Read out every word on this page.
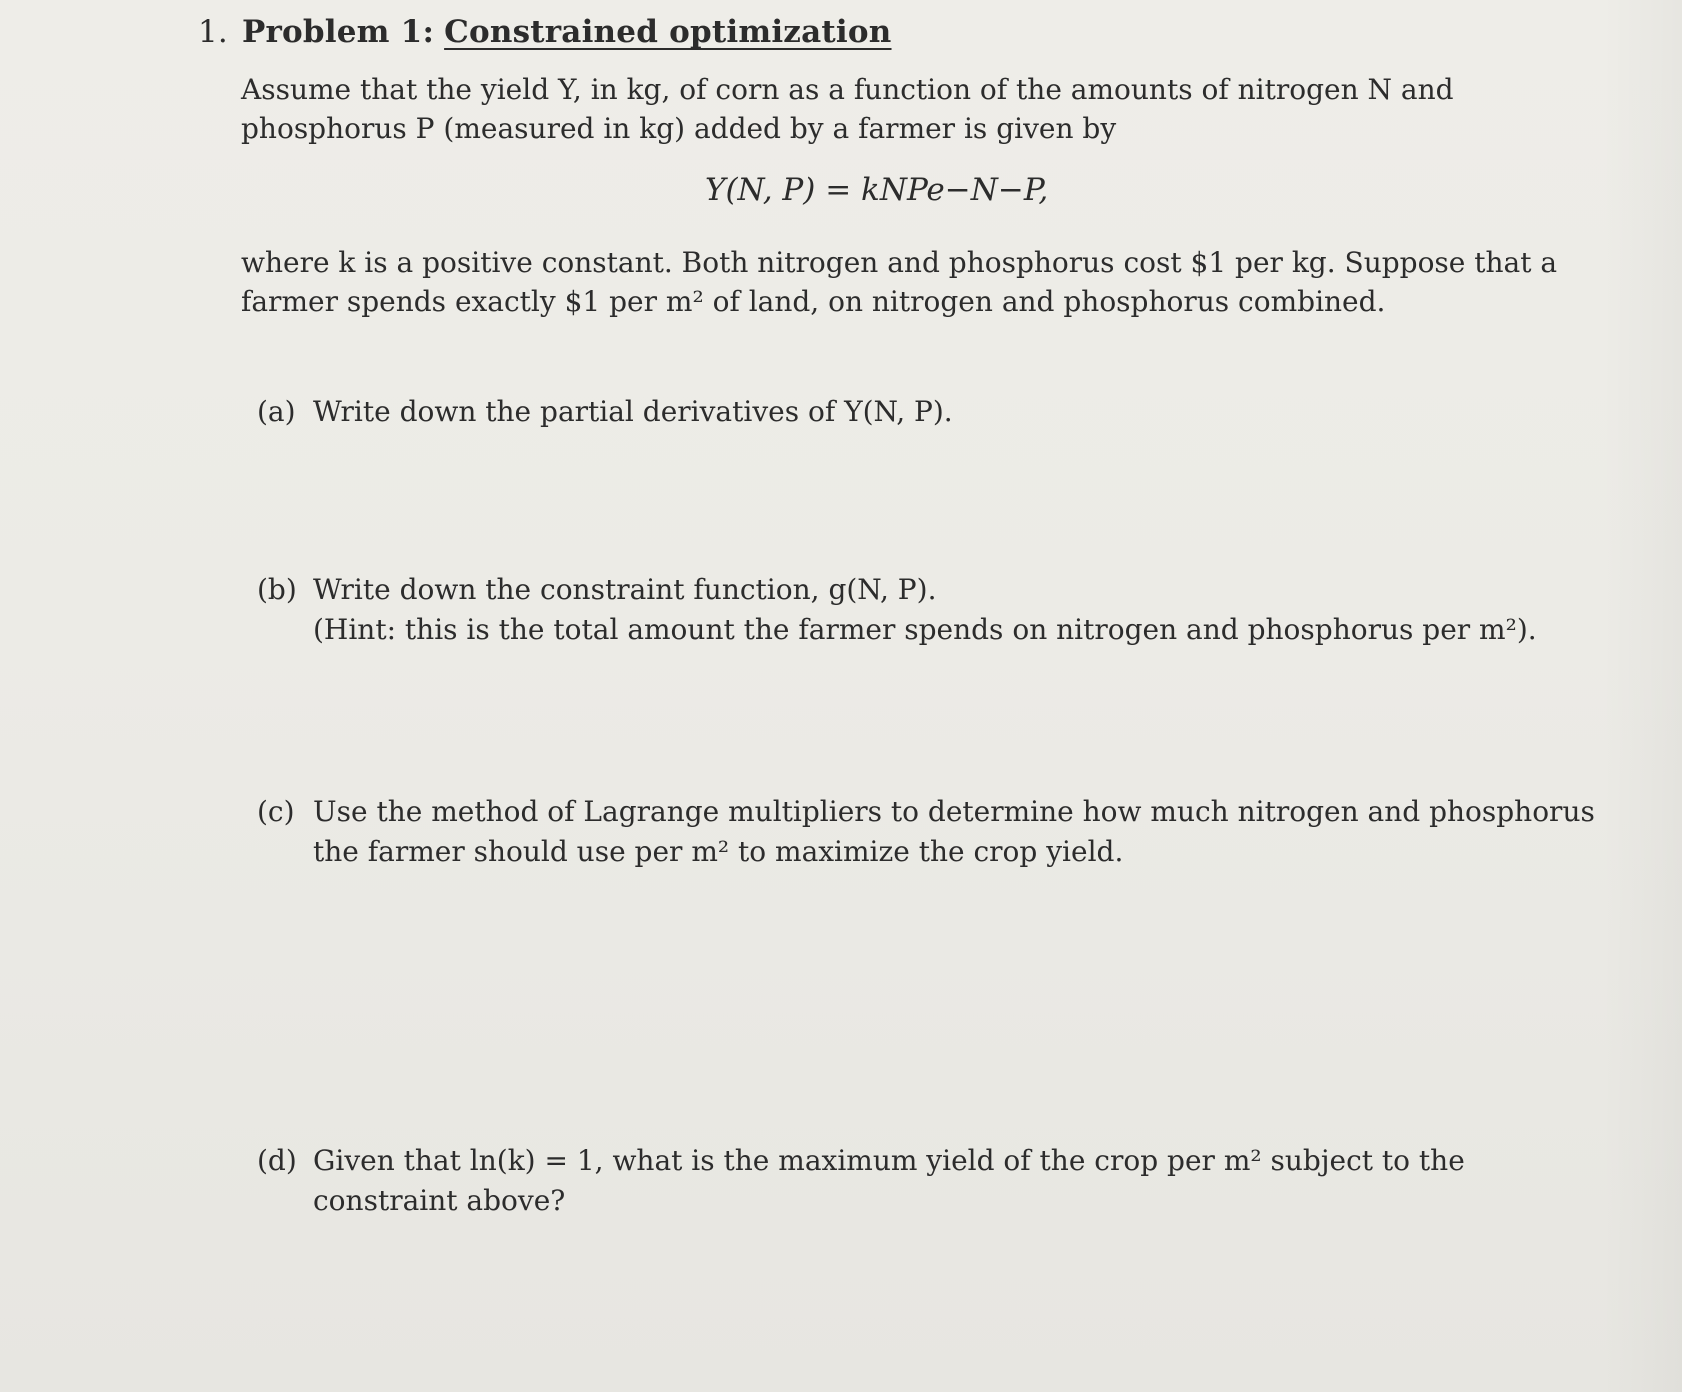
1. Problem 1: Constrained optimization
Assume that the yield Y, in kg, of corn as a function of the amounts of nitrogen N and
phosphorus P (measured in kg) added by a farmer is given by
Y(N, P) = kNPe−N−P,
where k is a positive constant. Both nitrogen and phosphorus cost $1 per kg. Suppose that a
farmer spends exactly $1 per m² of land, on nitrogen and phosphorus combined.
(a) Write down the partial derivatives of Y(N, P).
(b) Write down the constraint function, g(N, P).
(Hint: this is the total amount the farmer spends on nitrogen and phosphorus per m²).
(c) Use the method of Lagrange multipliers to determine how much nitrogen and phosphorus
the farmer should use per m² to maximize the crop yield.
(d) Given that ln(k) = 1, what is the maximum yield of the crop per m² subject to the
constraint above?
